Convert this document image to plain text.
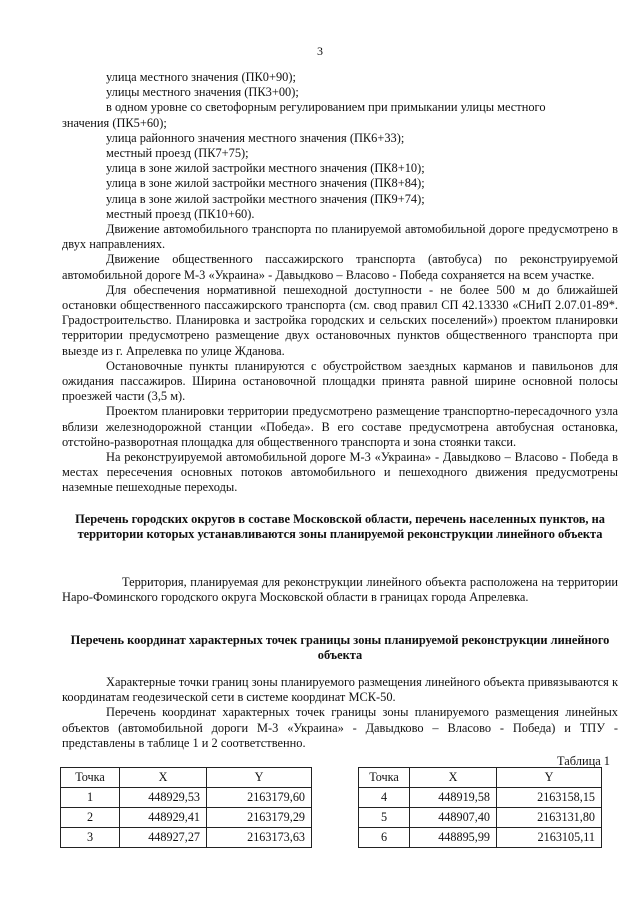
3
улица местного значения (ПК0+90);
улицы местного значения (ПК3+00);
в одном уровне со светофорным регулированием при примыкании улицы местного
значения (ПК5+60);
улица районного значения местного значения (ПК6+33);
местный проезд (ПК7+75);
улица в зоне жилой застройки местного значения (ПК8+10);
улица в зоне жилой застройки местного значения (ПК8+84);
улица в зоне жилой застройки местного значения (ПК9+74);
местный проезд (ПК10+60).

Движение автомобильного транспорта по планируемой автомобильной дороге предусмотрено в двух направлениях.

Движение общественного пассажирского транспорта (автобуса) по реконструируемой автомобильной дороге М-3 «Украина» - Давыдково – Власово - Победа сохраняется на всем участке.

Для обеспечения нормативной пешеходной доступности - не более 500 м до ближайшей остановки общественного пассажирского транспорта (см. свод правил СП 42.13330 «СНиП 2.07.01-89*. Градостроительство. Планировка и застройка городских и сельских поселений») проектом планировки территории предусмотрено размещение двух остановочных пунктов общественного транспорта при выезде из г. Апрелевка по улице Жданова.

Остановочные пункты планируются с обустройством заездных карманов и павильонов для ожидания пассажиров. Ширина остановочной площадки принята равной ширине основной полосы проезжей части (3,5 м).

Проектом планировки территории предусмотрено размещение транспортно-пересадочного узла вблизи железнодорожной станции «Победа». В его составе предусмотрена автобусная остановка, отстойно-разворотная площадка для общественного транспорта и зона стоянки такси.

На реконструируемой автомобильной дороге М-3 «Украина» - Давыдково – Власово - Победа в местах пересечения основных потоков автомобильного и пешеходного движения предусмотрены наземные пешеходные переходы.

Перечень городских округов в составе Московской области, перечень населенных пунктов, на территории которых устанавливаются зоны планируемой реконструкции линейного объекта

Территория, планируемая для реконструкции линейного объекта расположена на территории Наро-Фоминского городского округа Московской области в границах города Апрелевка.

Перечень координат характерных точек границы зоны планируемой реконструкции линейного объекта

Характерные точки границ зоны планируемого размещения линейного объекта привязываются к координатам геодезической сети в системе координат МСК-50.

Перечень координат характерных точек границы зоны планируемого размещения линейных объектов (автомобильной дороги М-3 «Украина» - Давыдково – Власово - Победа) и ТПУ - представлены в таблице 1 и 2 соответственно.

Таблица 1
Точка	X	Y
1	448929,53	2163179,60
2	448929,41	2163179,29
3	448927,27	2163173,63
Точка	X	Y
4	448919,58	2163158,15
5	448907,40	2163131,80
6	448895,99	2163105,11
